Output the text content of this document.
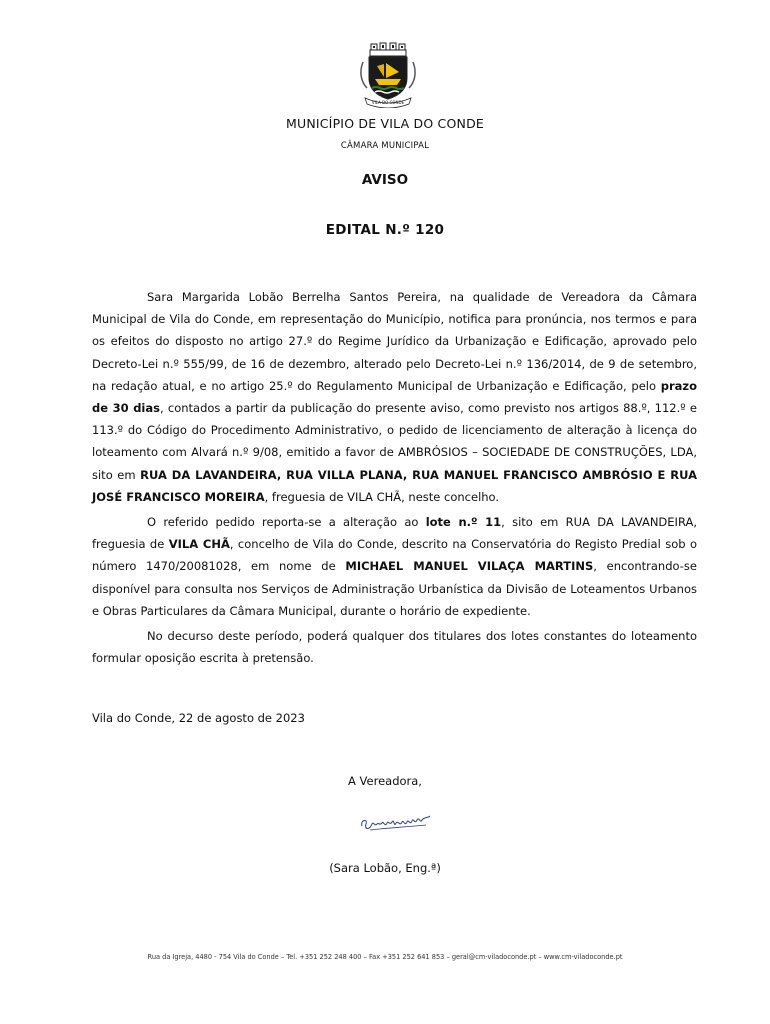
VILA DO CONDE
MUNICÍPIO DE VILA DO CONDE
CÂMARA MUNICIPAL
AVISO
EDITAL N.º 120

Sara Margarida Lobão Berrelha Santos Pereira, na qualidade de Vereadora da Câmara Municipal de Vila do Conde, em representação do Município, notifica para pronúncia, nos termos e para os efeitos do disposto no artigo 27.º do Regime Jurídico da Urbanização e Edificação, aprovado pelo Decreto-Lei n.º 555/99, de 16 de dezembro, alterado pelo Decreto-Lei n.º 136/2014, de 9 de setembro, na redação atual, e no artigo 25.º do Regulamento Municipal de Urbanização e Edificação, pelo prazo de 30 dias, contados a partir da publicação do presente aviso, como previsto nos artigos 88.º, 112.º e 113.º do Código do Procedimento Administrativo, o pedido de licenciamento de alteração à licença do loteamento com Alvará n.º 9/08, emitido a favor de AMBRÓSIOS – SOCIEDADE DE CONSTRUÇÕES, LDA, sito em RUA DA LAVANDEIRA, RUA VILLA PLANA, RUA MANUEL FRANCISCO AMBRÓSIO E RUA JOSÉ FRANCISCO MOREIRA, freguesia de VILA CHÃ, neste concelho.

O referido pedido reporta-se a alteração ao lote n.º 11, sito em RUA DA LAVANDEIRA, freguesia de VILA CHÃ, concelho de Vila do Conde, descrito na Conservatória do Registo Predial sob o número 1470/20081028, em nome de MICHAEL MANUEL VILAÇA MARTINS, encontrando-se disponível para consulta nos Serviços de Administração Urbanística da Divisão de Loteamentos Urbanos e Obras Particulares da Câmara Municipal, durante o horário de expediente.

No decurso deste período, poderá qualquer dos titulares dos lotes constantes do loteamento formular oposição escrita à pretensão.

Vila do Conde, 22 de agosto de 2023
A Vereadora,
(Sara Lobão, Eng.ª)
Rua da Igreja, 4480 - 754 Vila do Conde – Tel. +351 252 248 400 – Fax +351 252 641 853 – geral@cm-viladoconde.pt – www.cm-viladoconde.pt
